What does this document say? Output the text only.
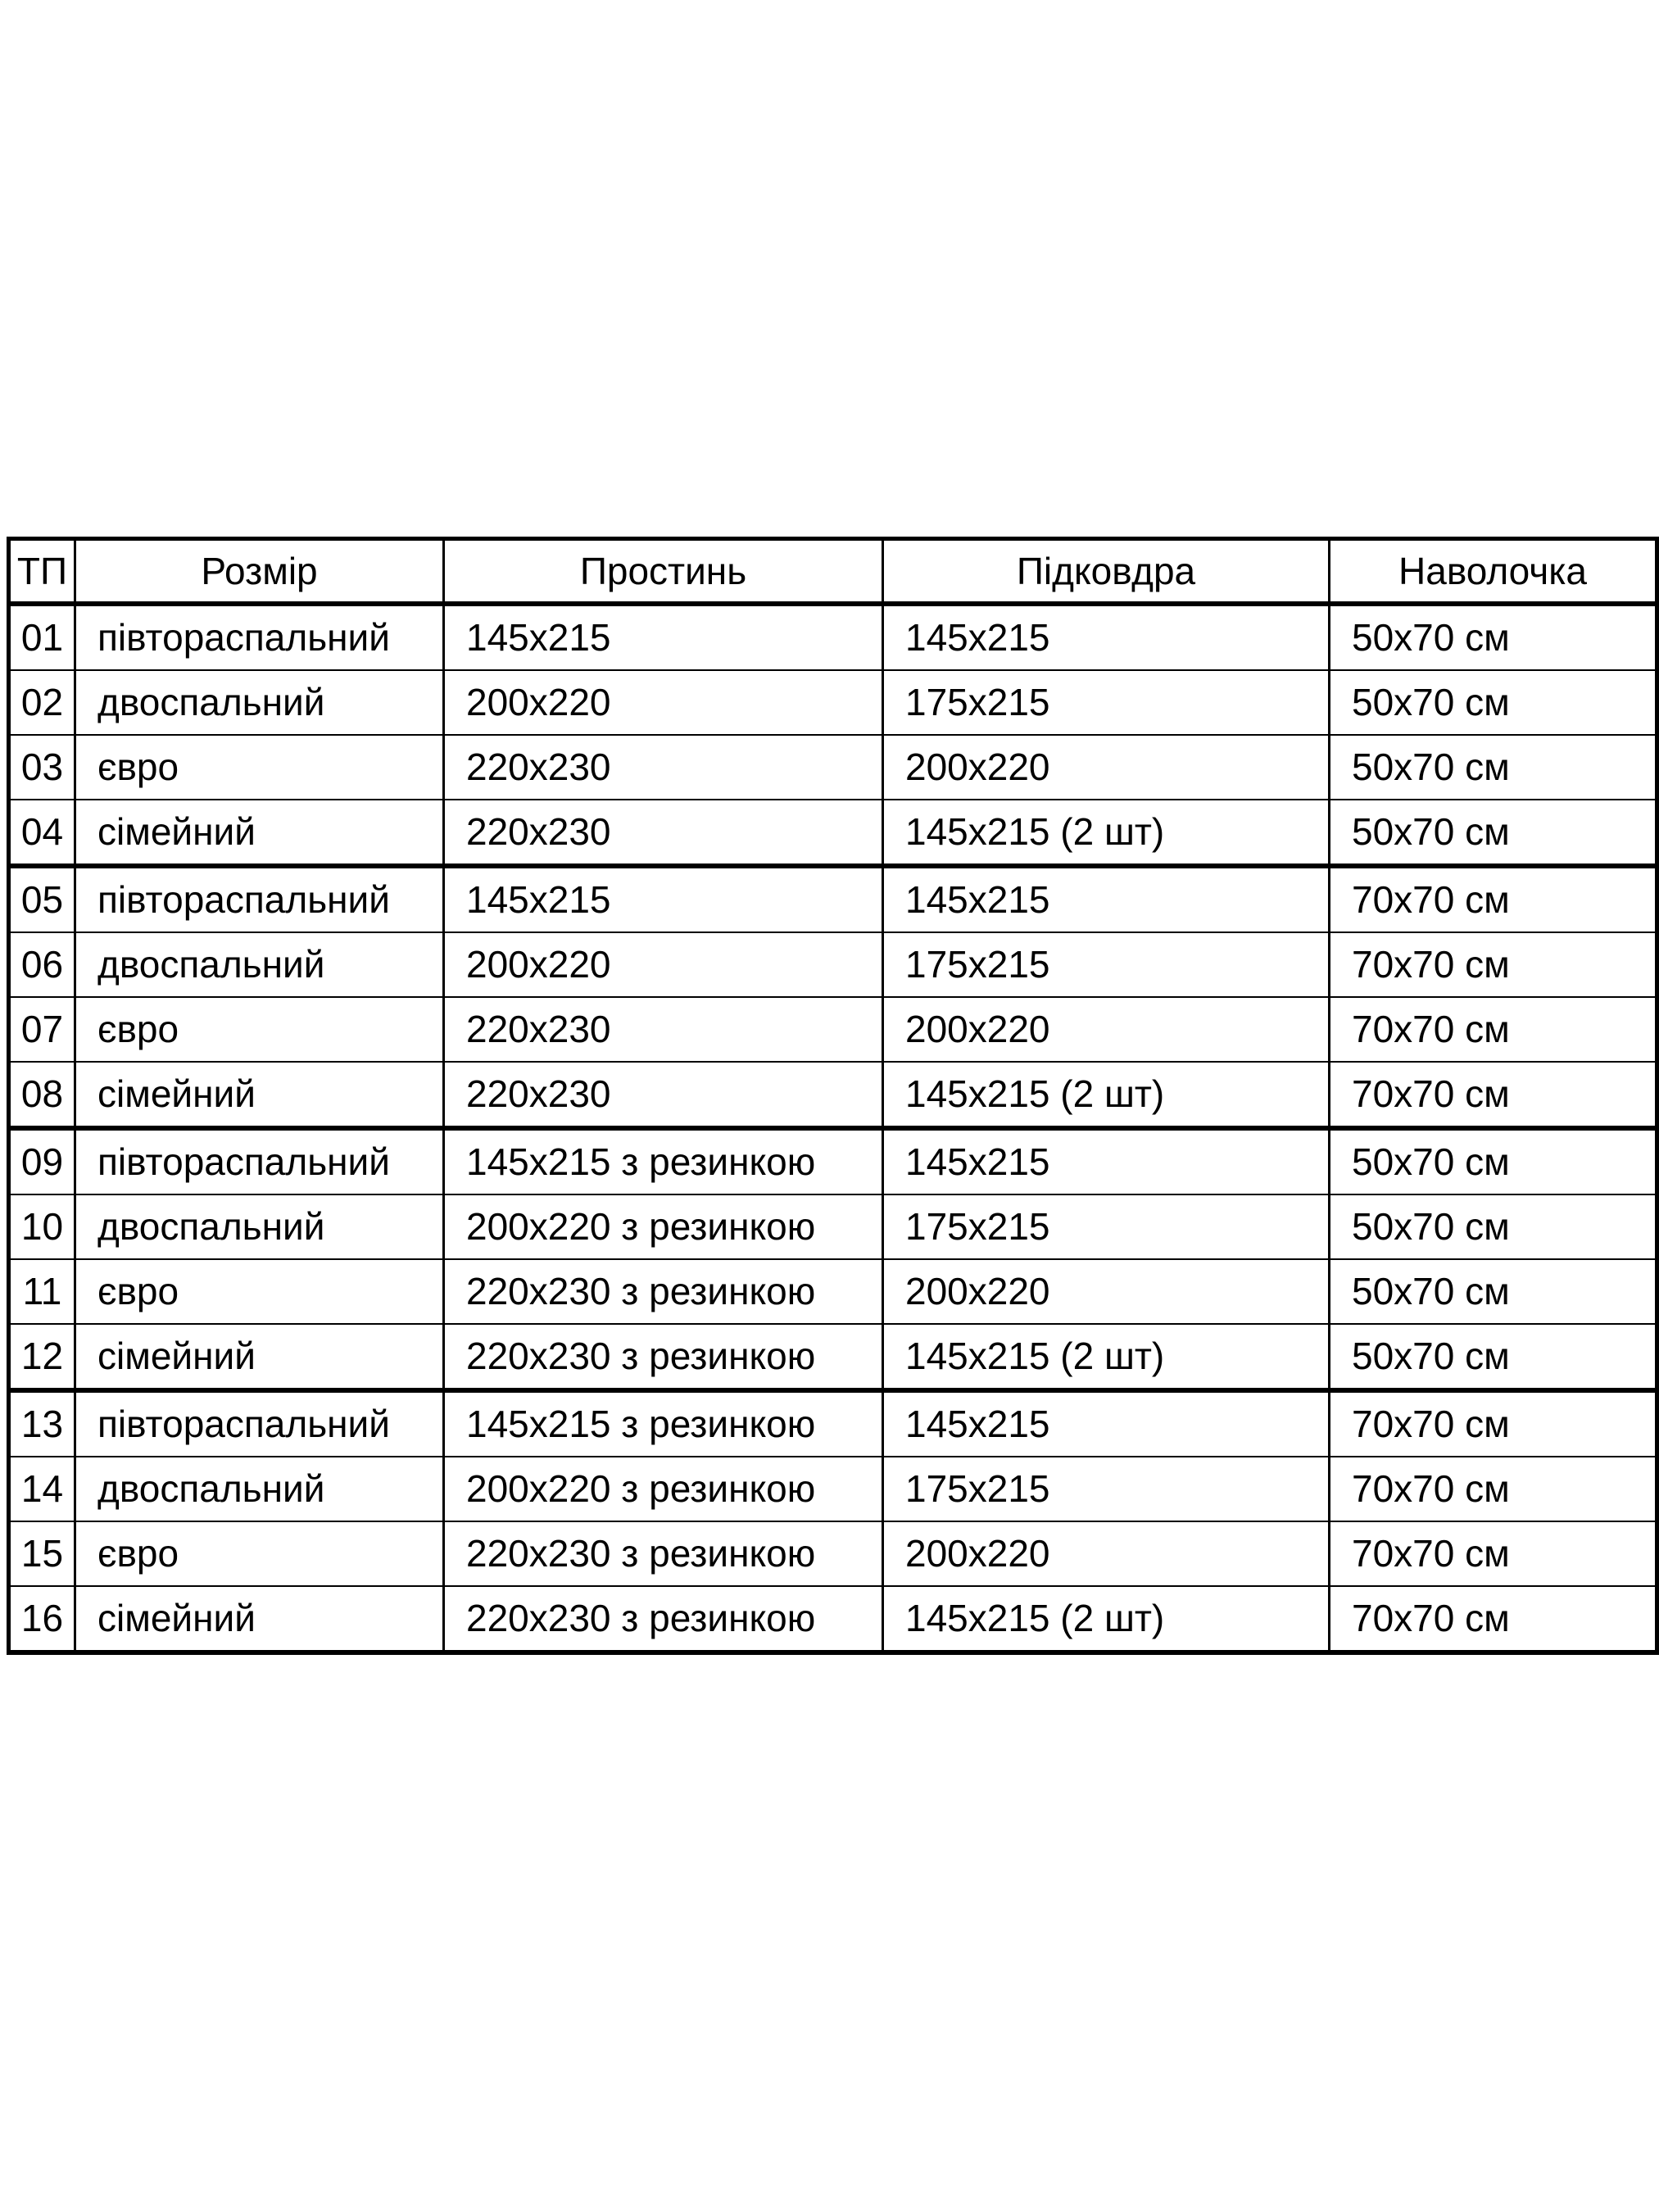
ТП	Розмір	Простинь	Підковдра	Наволочка
01	півтораспальний	145х215	145х215	50х70 см
02	двоспальний	200х220	175х215	50х70 см
03	євро	220х230	200х220	50х70 см
04	сімейний	220х230	145х215 (2 шт)	50х70 см
05	півтораспальний	145х215	145х215	70х70 см
06	двоспальний	200х220	175х215	70х70 см
07	євро	220х230	200х220	70х70 см
08	сімейний	220х230	145х215 (2 шт)	70х70 см
09	півтораспальний	145х215 з резинкою	145х215	50х70 см
10	двоспальний	200х220 з резинкою	175х215	50х70 см
11	євро	220х230 з резинкою	200х220	50х70 см
12	сімейний	220х230 з резинкою	145х215 (2 шт)	50х70 см
13	півтораспальний	145х215 з резинкою	145х215	70х70 см
14	двоспальний	200х220 з резинкою	175х215	70х70 см
15	євро	220х230 з резинкою	200х220	70х70 см
16	сімейний	220х230 з резинкою	145х215 (2 шт)	70х70 см
